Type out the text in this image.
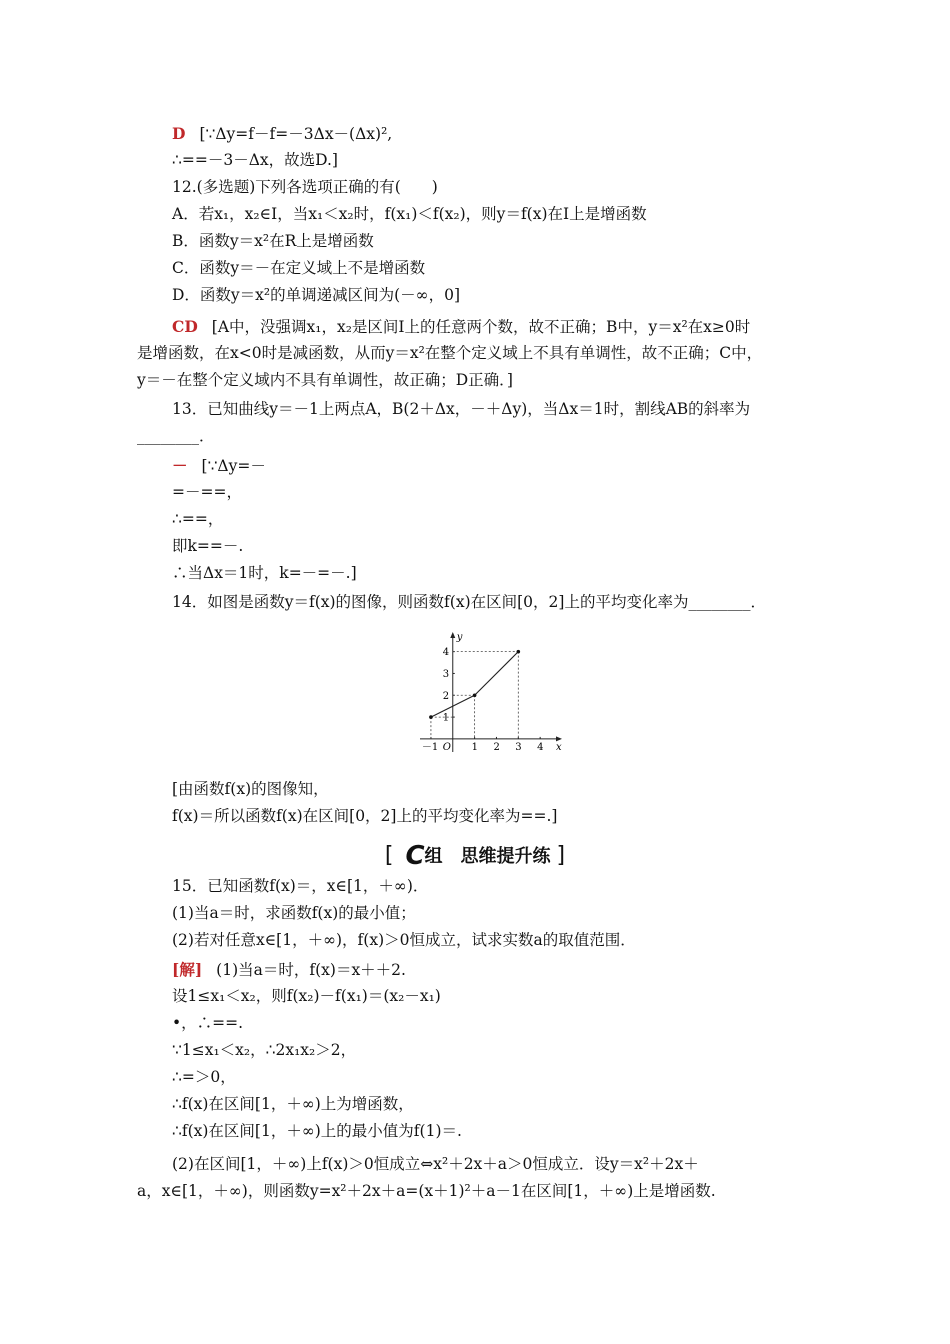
D [∵Δy=f－f=－3Δx－(Δx)²,
∴==－3－Δx，故选D.]
12.(多选题)下列各选项正确的有(　　)
A．若x₁，x₂∈I，当x₁＜x₂时，f(x₁)＜f(x₂)，则y＝f(x)在I上是增函数
B．函数y＝x²在R上是增函数
C．函数y＝－在定义域上不是增函数
D．函数y＝x²的单调递减区间为(－∞，0]
CD [A中，没强调x₁，x₂是区间I上的任意两个数，故不正确；B中，y＝x²在x≥0时
是增函数，在x<0时是减函数，从而y＝x²在整个定义域上不具有单调性，故不正确；C中，
y＝－在整个定义域内不具有单调性，故正确；D正确．]
13．已知曲线y＝－1上两点A，B(2＋Δx，－＋Δy)，当Δx＝1时，割线AB的斜率为
________．
－ [∵Δy=－
=－==，
∴==，
即k==－.
∴当Δx＝1时，k=－=－.]
14．如图是函数y＝f(x)的图像，则函数f(x)在区间[0，2]上的平均变化率为________．
[由函数f(x)的图像知，
f(x)＝所以函数f(x)在区间[0，2]上的平均变化率为==.]
15．已知函数f(x)＝，x∈[1，＋∞)．
(1)当a＝时，求函数f(x)的最小值；
(2)若对任意x∈[1，＋∞)，f(x)＞0恒成立，试求实数a的取值范围．
[解] (1)当a＝时，f(x)＝x＋＋2.
设1≤x₁＜x₂，则f(x₂)－f(x₁)＝(x₂－x₁)
•，∴==.
∵1≤x₁＜x₂，∴2x₁x₂＞2，
∴=＞0，
∴f(x)在区间[1，＋∞)上为增函数，
∴f(x)在区间[1，＋∞)上的最小值为f(1)＝.
(2)在区间[1，＋∞)上f(x)＞0恒成立⇔x²＋2x＋a＞0恒成立．设y＝x²＋2x＋
a，x∈[1，＋∞)，则函数y=x²＋2x＋a=(x＋1)²＋a－1在区间[1，＋∞)上是增函数.
[ C组　思维提升练 ]
x
y
O
－1	1 2 3 4
1
2
3
4
